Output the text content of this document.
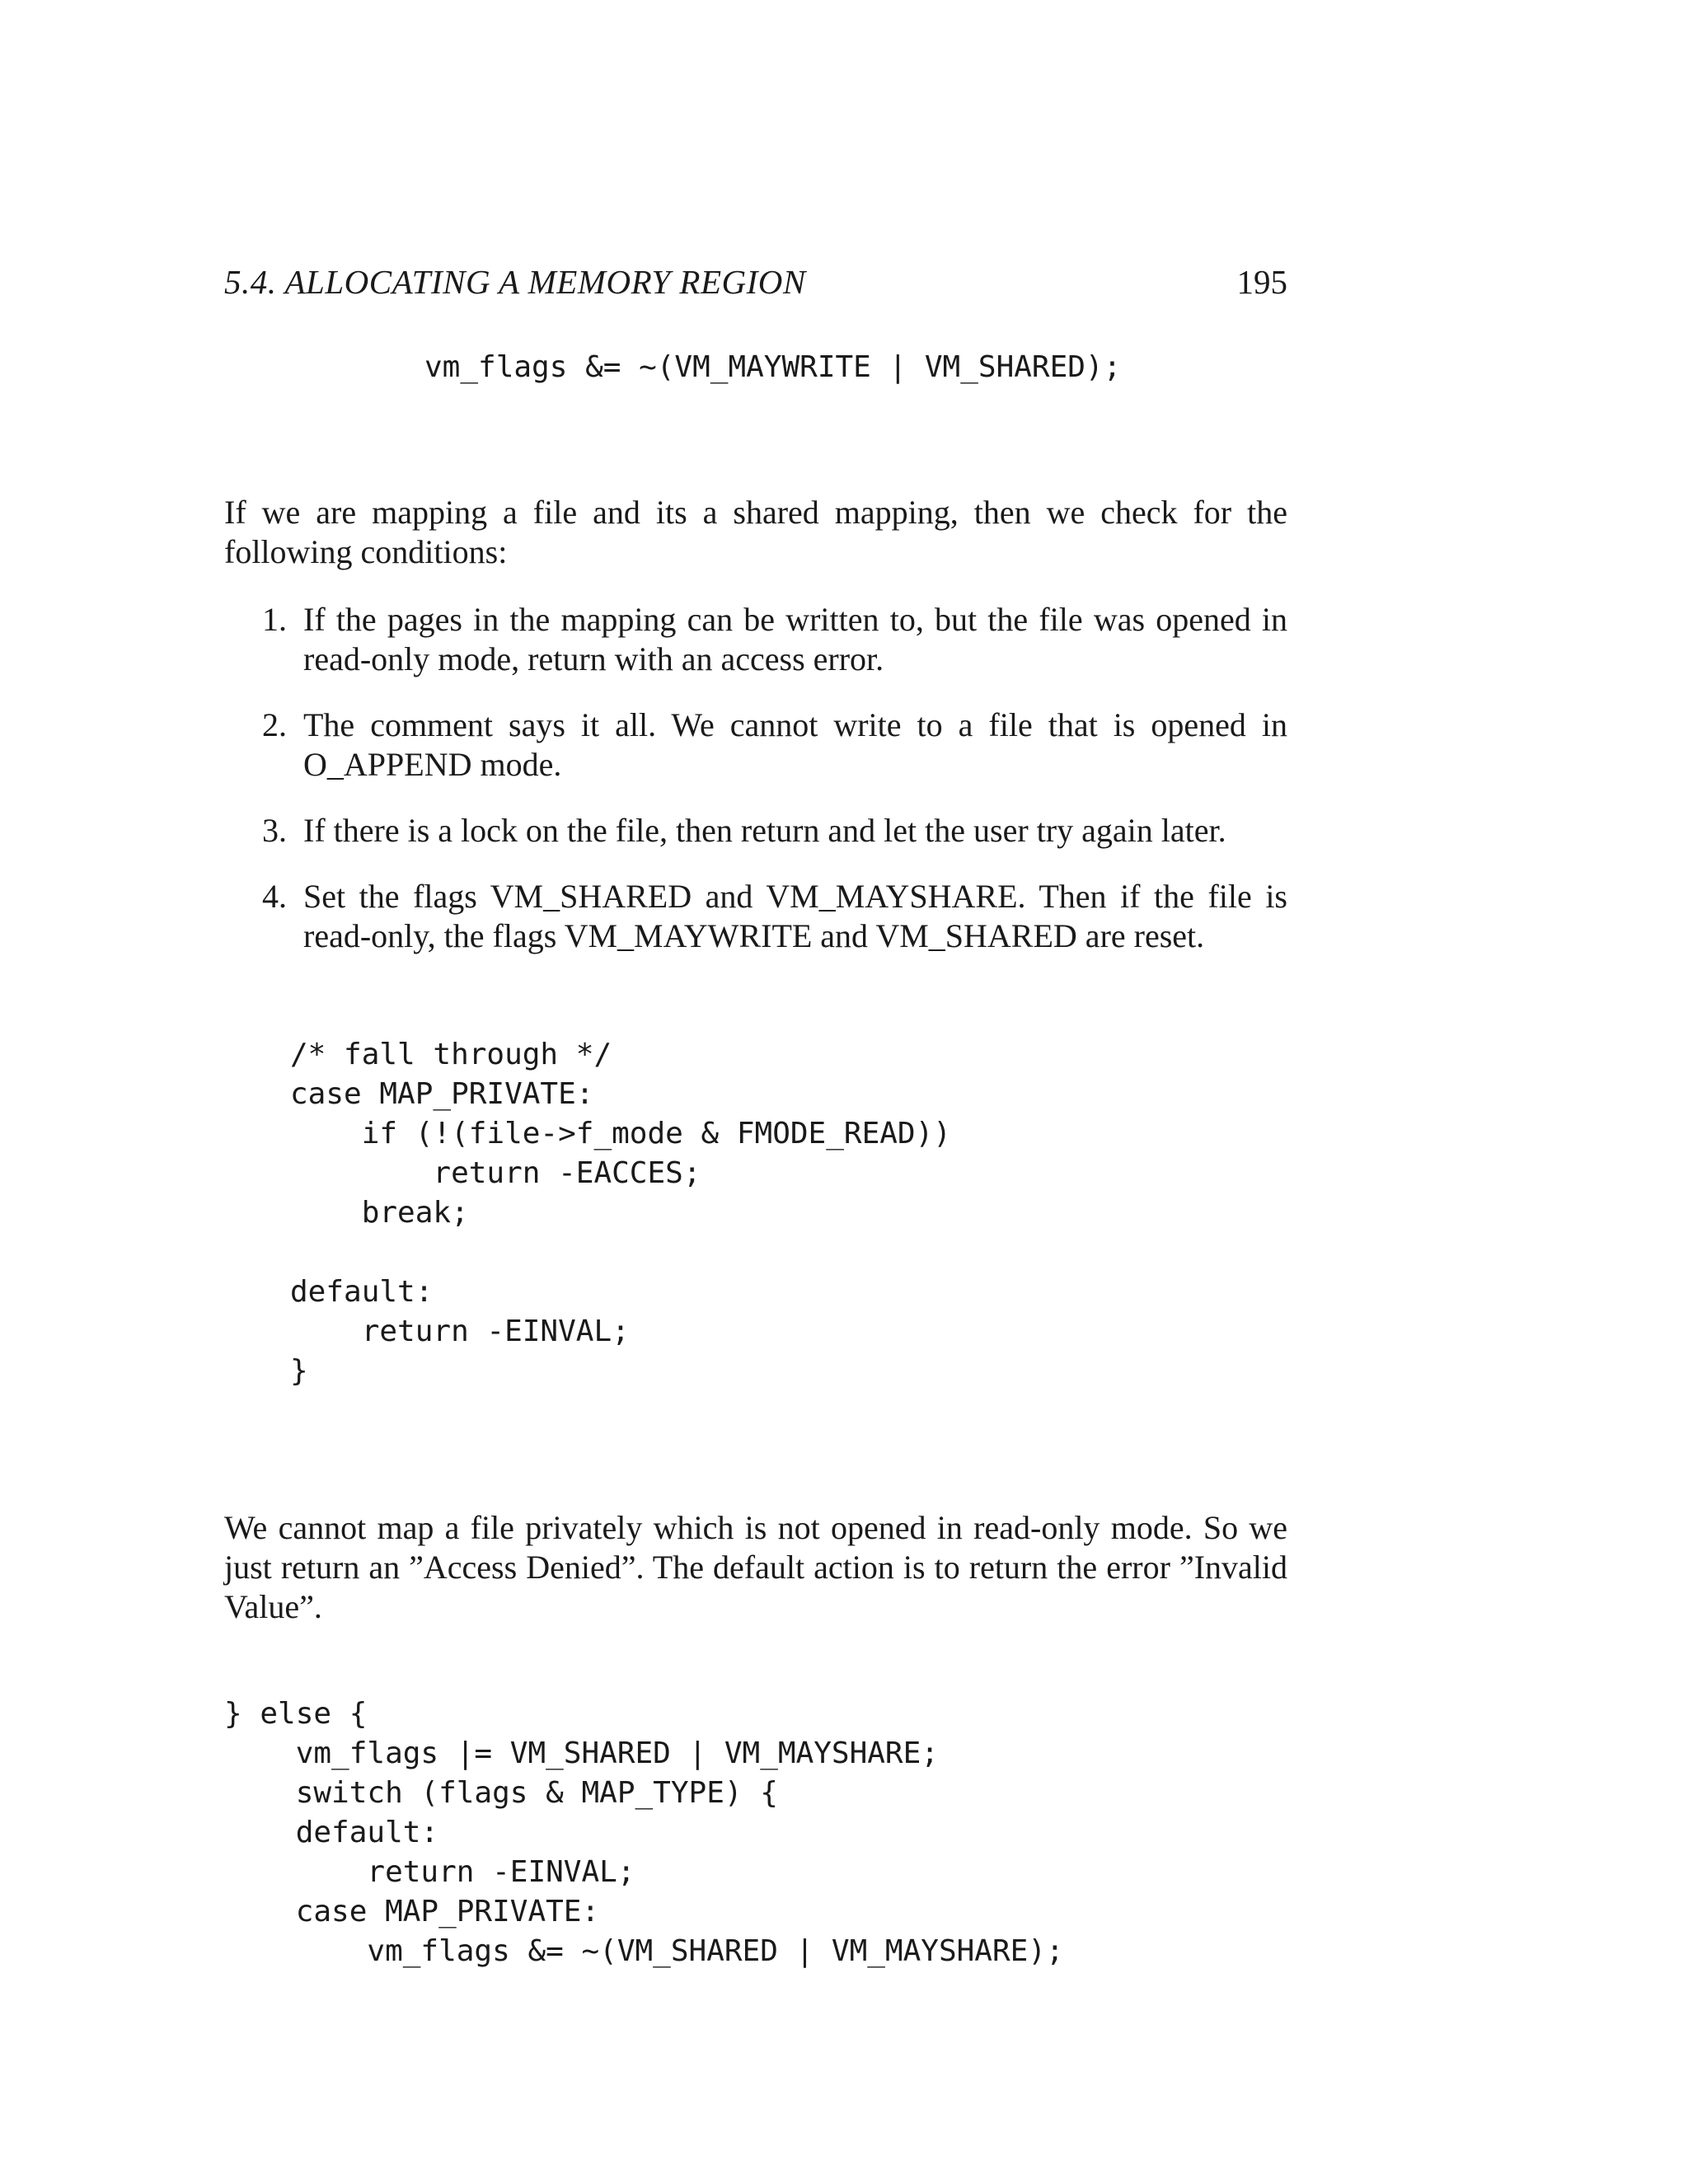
5.4. ALLOCATING A MEMORY REGION	195
vm_flags &= ~(VM_MAYWRITE | VM_SHARED);

If we are mapping a file and its a shared mapping, then we check for the following conditions:

1. If the pages in the mapping can be written to, but the file was opened in read-only mode, return with an access error.
2. The comment says it all. We cannot write to a file that is opened in O_APPEND mode.
3. If there is a lock on the file, then return and let the user try again later.
4. Set the flags VM_SHARED and VM_MAYSHARE. Then if the file is read-only, the flags VM_MAYWRITE and VM_SHARED are reset.
/* fall through */
case MAP_PRIVATE:
if (!(file->f_mode & FMODE_READ))
return -EACCES;
break;
default:
return -EINVAL;
}

We cannot map a file privately which is not opened in read-only mode. So we just return an ”Access Denied”. The default action is to return the error ”Invalid Value”.

} else {
vm_flags |= VM_SHARED | VM_MAYSHARE;
switch (flags & MAP_TYPE) {
default:
return -EINVAL;
case MAP_PRIVATE:
vm_flags &= ~(VM_SHARED | VM_MAYSHARE);
